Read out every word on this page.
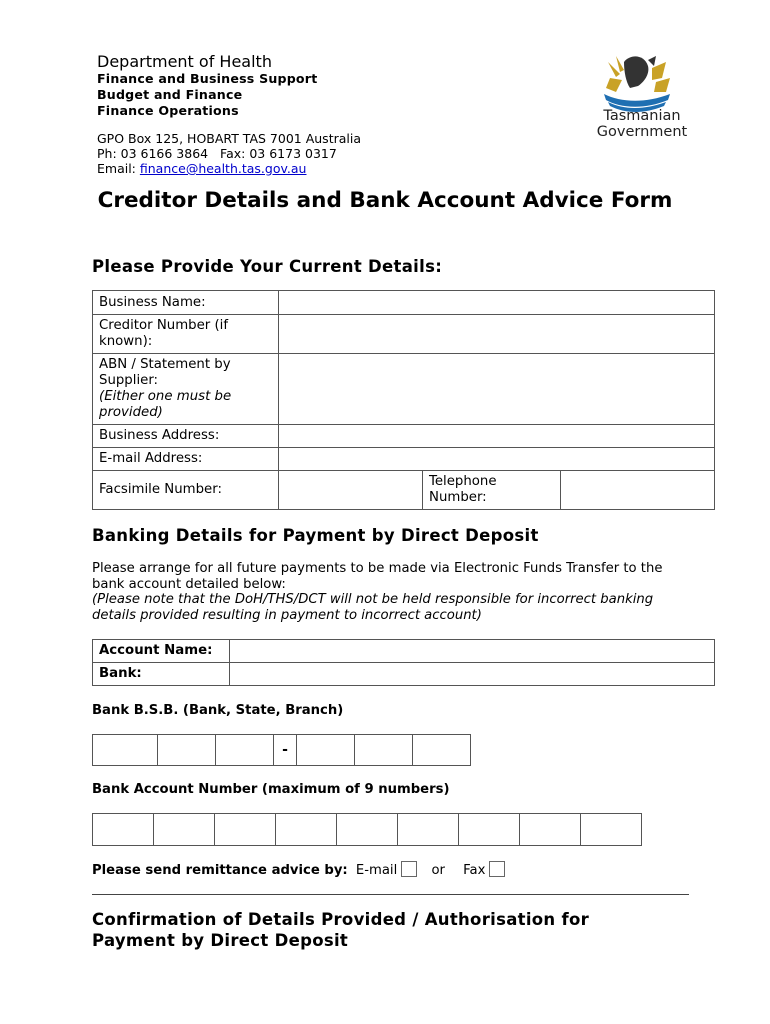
Department of Health
Finance and Business Support
Budget and Finance
Finance Operations
GPO Box 125, HOBART TAS 7001 Australia
Ph: 03 6166 3864   Fax: 03 6173 0317
Email: finance@health.tas.gov.au
Tasmanian
Government
Creditor Details and Bank Account Advice Form
Please Provide Your Current Details:
Business Name:			
Creditor Number (if known):			

ABN / Statement by Supplier:
(Either one must be provided)			

Business Address:			
E-mail Address:			
Facsimile Number:		Telephone Number:	
Banking Details for Payment by Direct Deposit
Please arrange for all future payments to be made via Electronic Funds Transfer to the bank account detailed below:
(Please note that the DoH/THS/DCT will not be held responsible for incorrect banking details provided resulting in payment to incorrect account)
Account Name:	
Bank:	
Bank B.S.B. (Bank, State, Branch)
-
Bank Account Number (maximum of 9 numbers)
Please send remittance advice by: E-mail	or Fax
Confirmation of Details Provided / Authorisation for
Payment by Direct Deposit
